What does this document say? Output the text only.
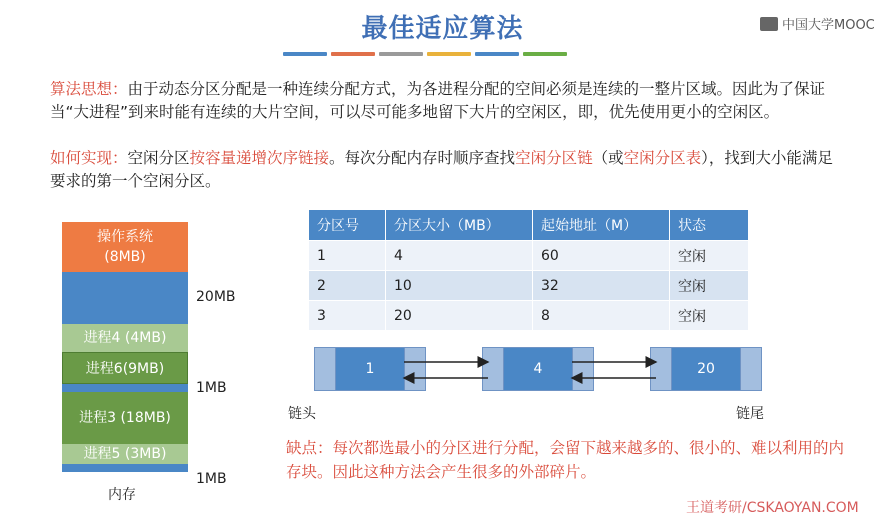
最佳适应算法	中国大学MOOC
算法思想：由于动态分区分配是一种连续分配方式，为各进程分配的空间必须是连续的一整片区域。因此为了保证当“大进程”到来时能有连续的大片空间，可以尽可能多地留下大片的空闲区，即，优先使用更小的空闲区。
如何实现：空闲分区按容量递增次序链接。每次分配内存时顺序查找空闲分区链（或空闲分区表），找到大小能满足要求的第一个空闲分区。
操作系统
(8MB)
进程4 (4MB)
进程6(9MB)
进程3 (18MB)
进程5 (3MB)
20MB
1MB
1MB
内存
分区号	分区大小（MB）	起始地址（M）	状态
1	4	60	空闲
2	10	32	空闲
3	20	8	空闲
1	4	20
链头	链尾
缺点：每次都选最小的分区进行分配，会留下越来越多的、很小的、难以利用的内存块。因此这种方法会产生很多的外部碎片。
王道考研/CSKAOYAN.COM
